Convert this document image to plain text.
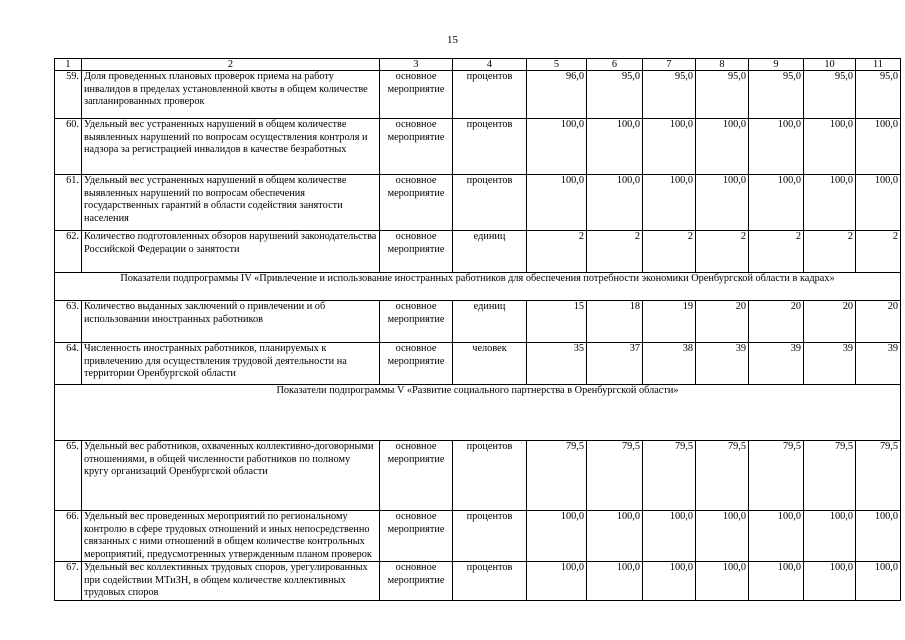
15
1	2	3	4	5	6	7	8	9	10	11
59.	Доля проведенных плановых проверок приема на работу инвалидов в пределах установленной квоты в общем количестве запланированных проверок	основное мероприятие	процентов	96,0	95,0	95,0	95,0	95,0	95,0	95,0
60.	Удельный вес устраненных нарушений в общем количестве выявленных нарушений по вопросам осуществления контроля и надзора за регистрацией инвалидов в качестве безработных	основное мероприятие	процентов	100,0	100,0	100,0	100,0	100,0	100,0	100,0
61.	Удельный вес устраненных нарушений в общем количестве выявленных нарушений по вопросам обеспечения государственных гарантий в области содействия занятости населения	основное мероприятие	процентов	100,0	100,0	100,0	100,0	100,0	100,0	100,0
62.	Количество подготовленных обзоров нарушений законодательства Российской Федерации о занятости	основное мероприятие	единиц	2	2	2	2	2	2	2
Показатели подпрограммы IV «Привлечение и использование иностранных работников для обеспечения потребности экономики Оренбургской области в кадрах»										
63.	Количество выданных заключений о привлечении и об использовании иностранных работников	основное мероприятие	единиц	15	18	19	20	20	20	20
64.	Численность иностранных работников, планируемых к привлечению для осуществления трудовой деятельности на территории Оренбургской области	основное мероприятие	человек	35	37	38	39	39	39	39
Показатели подпрограммы V «Развитие социального партнерства в Оренбургской области»										
65.	Удельный вес работников, охваченных коллективно-договорными отношениями, в общей численности работников по полному кругу организаций Оренбургской области	основное мероприятие	процентов	79,5	79,5	79,5	79,5	79,5	79,5	79,5
66.	Удельный вес проведенных мероприятий по региональному контролю в сфере трудовых отношений и иных непосредственно связанных с ними отношений в общем количестве контрольных мероприятий, предусмотренных утвержденным планом проверок	основное мероприятие	процентов	100,0	100,0	100,0	100,0	100,0	100,0	100,0
67.	Удельный вес коллективных трудовых споров, урегулированных при содействии МТиЗН, в общем количестве коллективных трудовых споров	основное мероприятие	процентов	100,0	100,0	100,0	100,0	100,0	100,0	100,0
